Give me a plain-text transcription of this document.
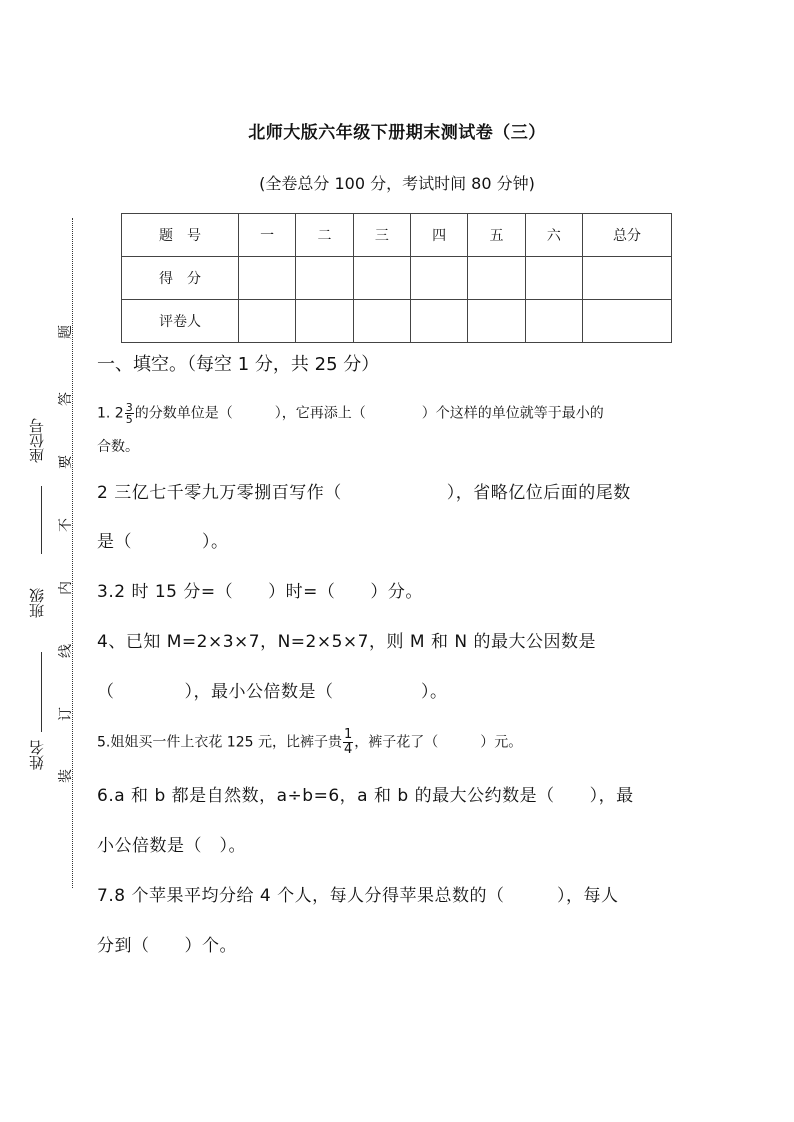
北师大版六年级下册期末测试卷（三）
(全卷总分 100 分，考试时间 80 分钟)
题　号	一	二	三	四	五	六	总分
得　分							
评卷人							
题
答
要
不
内
线
订
装
座位号
班级
姓名
一、填空。（每空 1 分，共 25 分）
1. $2 \frac{3}{5}$ 的分数单位是（　　　），它再添上（　　　　）个这样的单位就等于最小的
合数。
2 三亿七千零九万零捌百写作（　　　　　　），省略亿位后面的尾数
是（　　　　）。
3.2 时 15 分=（　　）时=（　　）分。
4、已知 M=2×3×7，N=2×5×7，则 M 和 N 的最大公因数是
（　　　　），最小公倍数是（　　　　　）。
5.姐姐买一件上衣花 125 元，比裤子贵 $\frac{1}{4}$ ，裤子花了（　　　）元。
6.a 和 b 都是自然数，a÷b=6，a 和 b 的最大公约数是（　　），最
小公倍数是（　）。
7.8 个苹果平均分给 4 个人，每人分得苹果总数的（　　　），每人
分到（　　）个。
